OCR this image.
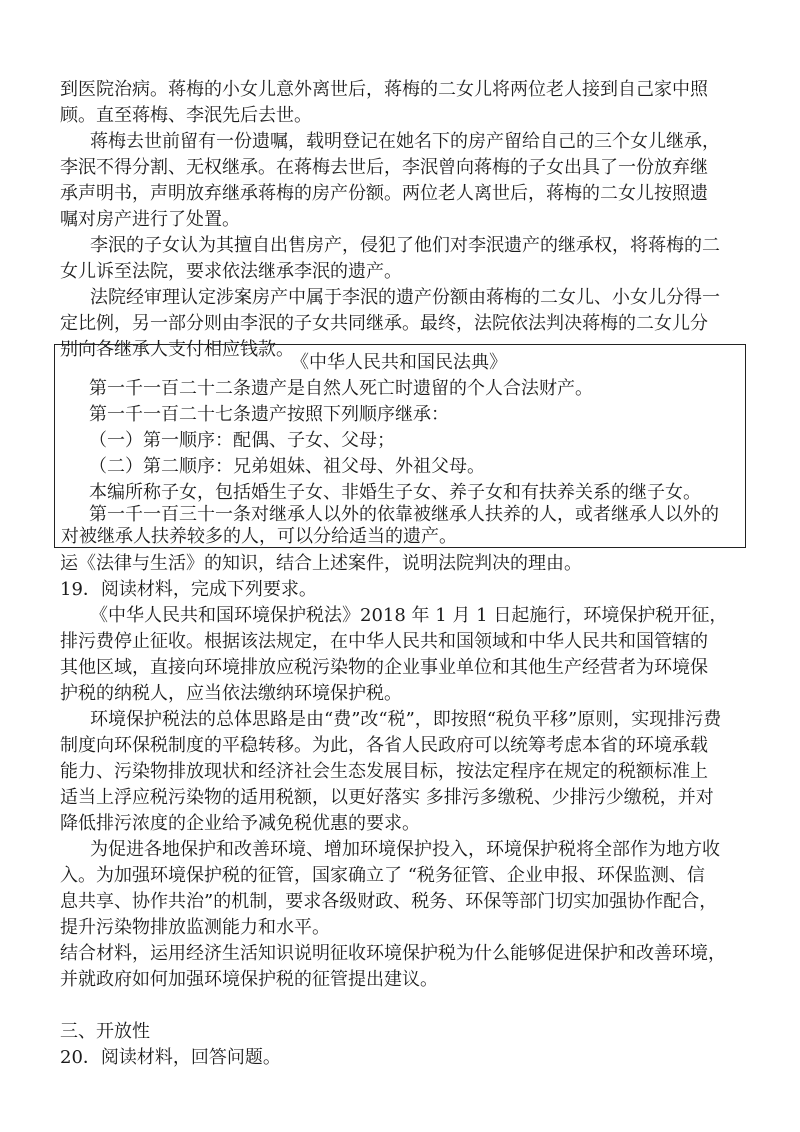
到医院治病。蒋梅的小女儿意外离世后，蒋梅的二女儿将两位老人接到自己家中照
顾。直至蒋梅、李泯先后去世。
蒋梅去世前留有一份遗嘱，载明登记在她名下的房产留给自己的三个女儿继承，
李泯不得分割、无权继承。在蒋梅去世后，李泯曾向蒋梅的子女出具了一份放弃继
承声明书，声明放弃继承蒋梅的房产份额。两位老人离世后，蒋梅的二女儿按照遗
嘱对房产进行了处置。
李泯的子女认为其擅自出售房产，侵犯了他们对李泯遗产的继承权，将蒋梅的二
女儿诉至法院，要求依法继承李泯的遗产。
法院经审理认定涉案房产中属于李泯的遗产份额由蒋梅的二女儿、小女儿分得一
定比例，另一部分则由李泯的子女共同继承。最终，法院依法判决蒋梅的二女儿分
别向各继承人支付相应钱款。
《中华人民共和国民法典》
第一千一百二十二条遗产是自然人死亡时遗留的个人合法财产。
第一千一百二十七条遗产按照下列顺序继承：
（一）第一顺序：配偶、子女、父母；
（二）第二顺序：兄弟姐妹、祖父母、外祖父母。
本编所称子女，包括婚生子女、非婚生子女、养子女和有扶养关系的继子女。
第一千一百三十一条对继承人以外的依靠被继承人扶养的人，或者继承人以外的
对被继承人扶养较多的人，可以分给适当的遗产。
运《法律与生活》的知识，结合上述案件，说明法院判决的理由。
19．阅读材料，完成下列要求。
《中华人民共和国环境保护税法》2018 年 1 月 1 日起施行，环境保护税开征，
排污费停止征收。根据该法规定，在中华人民共和国领域和中华人民共和国管辖的
其他区域，直接向环境排放应税污染物的企业事业单位和其他生产经营者为环境保
护税的纳税人，应当依法缴纳环境保护税。
环境保护税法的总体思路是由“费”改“税”，即按照“税负平移”原则，实现排污费
制度向环保税制度的平稳转移。为此，各省人民政府可以统筹考虑本省的环境承载
能力、污染物排放现状和经济社会生态发展目标，按法定程序在规定的税额标准上
适当上浮应税污染物的适用税额，以更好落实 多排污多缴税、少排污少缴税，并对
降低排污浓度的企业给予减免税优惠的要求。
为促进各地保护和改善环境、增加环境保护投入，环境保护税将全部作为地方收
入。为加强环境保护税的征管，国家确立了 “税务征管、企业申报、环保监测、信
息共享、协作共治”的机制，要求各级财政、税务、环保等部门切实加强协作配合，
提升污染物排放监测能力和水平。
结合材料，运用经济生活知识说明征收环境保护税为什么能够促进保护和改善环境，
并就政府如何加强环境保护税的征管提出建议。
三、开放性
20．阅读材料，回答问题。
